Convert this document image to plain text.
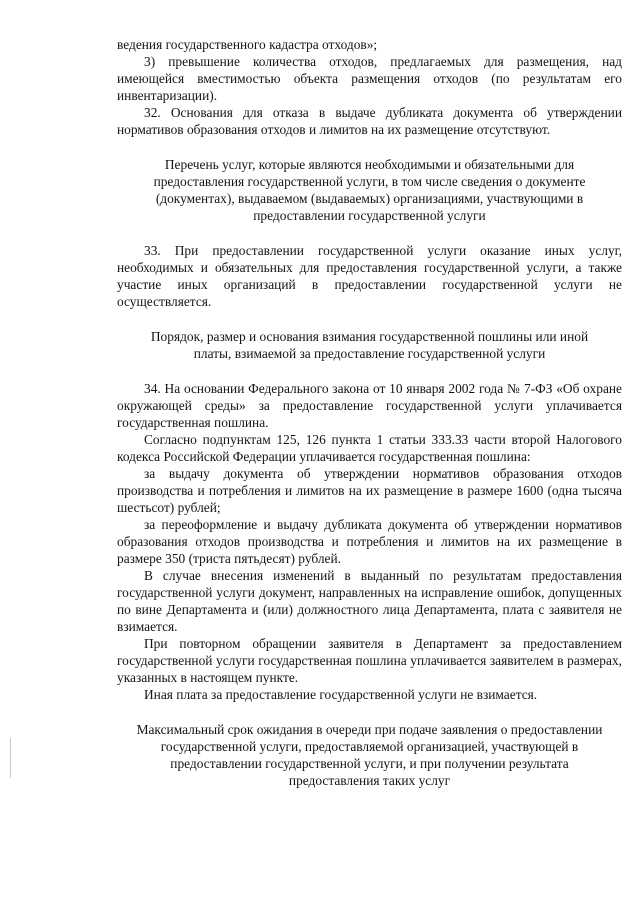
ведения государственного кадастра отходов»;

3) превышение количества отходов, предлагаемых для размещения, над имеющейся вместимостью объекта размещения отходов (по результатам его инвентаризации).

32. Основания для отказа в выдаче дубликата документа об утверждении нормативов образования отходов и лимитов на их размещение отсутствуют.

Перечень услуг, которые являются необходимыми и обязательными для предоставления государственной услуги, в том числе сведения о документе (документах), выдаваемом (выдаваемых) организациями, участвующими в предоставлении государственной услуги

33. При предоставлении государственной услуги оказание иных услуг, необходимых и обязательных для предоставления государственной услуги, а также участие иных организаций в предоставлении государственной услуги не осуществляется.

Порядок, размер и основания взимания государственной пошлины или иной платы, взимаемой за предоставление государственной услуги

34. На основании Федерального закона от 10 января 2002 года № 7-ФЗ «Об охране окружающей среды» за предоставление государственной услуги уплачивается государственная пошлина.

Согласно подпунктам 125, 126 пункта 1 статьи 333.33 части второй Налогового кодекса Российской Федерации уплачивается государственная пошлина:

за выдачу документа об утверждении нормативов образования отходов производства и потребления и лимитов на их размещение в размере 1600 (одна тысяча шестьсот) рублей;

за переоформление и выдачу дубликата документа об утверждении нормативов образования отходов производства и потребления и лимитов на их размещение в размере 350 (триста пятьдесят) рублей.

В случае внесения изменений в выданный по результатам предоставления государственной услуги документ, направленных на исправление ошибок, допущенных по вине Департамента и (или) должностного лица Департамента, плата с заявителя не взимается.

При повторном обращении заявителя в Департамент за предоставлением государственной услуги государственная пошлина уплачивается заявителем в размерах, указанных в настоящем пункте.

Иная плата за предоставление государственной услуги не взимается.

Максимальный срок ожидания в очереди при подаче заявления о предоставлении государственной услуги, предоставляемой организацией, участвующей в предоставлении государственной услуги, и при получении результата предоставления таких услуг
